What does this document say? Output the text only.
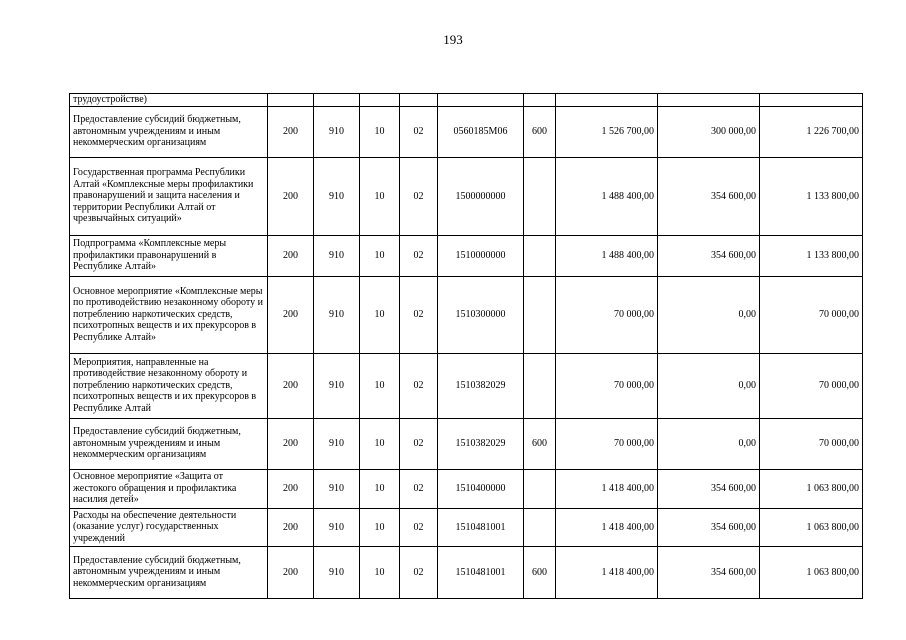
193
трудоустройстве)									
Предоставление субсидий бюджетным, автономным учреждениям и иным некоммерческим организациям	200	910	10	02	0560185М06	600	1 526 700,00	300 000,00	1 226 700,00
Государственная программа Республики Алтай «Комплексные меры профилактики правонарушений и защита населения и территории Республики Алтай от чрезвычайных ситуаций»	200	910	10	02	1500000000		1 488 400,00	354 600,00	1 133 800,00
Подпрограмма «Комплексные меры профилактики правонарушений в Республике Алтай»	200	910	10	02	1510000000		1 488 400,00	354 600,00	1 133 800,00
Основное мероприятие «Комплексные меры по противодействию незаконному обороту и потреблению наркотических средств, психотропных веществ и их прекурсоров в Республике Алтай»	200	910	10	02	1510300000		70 000,00	0,00	70 000,00
Мероприятия, направленные на противодействие незаконному обороту и потреблению наркотических средств, психотропных веществ и их прекурсоров в Республике Алтай	200	910	10	02	1510382029		70 000,00	0,00	70 000,00
Предоставление субсидий бюджетным, автономным учреждениям и иным некоммерческим организациям	200	910	10	02	1510382029	600	70 000,00	0,00	70 000,00
Основное мероприятие «Защита от жестокого обращения и профилактика насилия детей»	200	910	10	02	1510400000		1 418 400,00	354 600,00	1 063 800,00
Расходы на обеспечение деятельности (оказание услуг) государственных учреждений	200	910	10	02	1510481001		1 418 400,00	354 600,00	1 063 800,00
Предоставление субсидий бюджетным, автономным учреждениям и иным некоммерческим организациям	200	910	10	02	1510481001	600	1 418 400,00	354 600,00	1 063 800,00
